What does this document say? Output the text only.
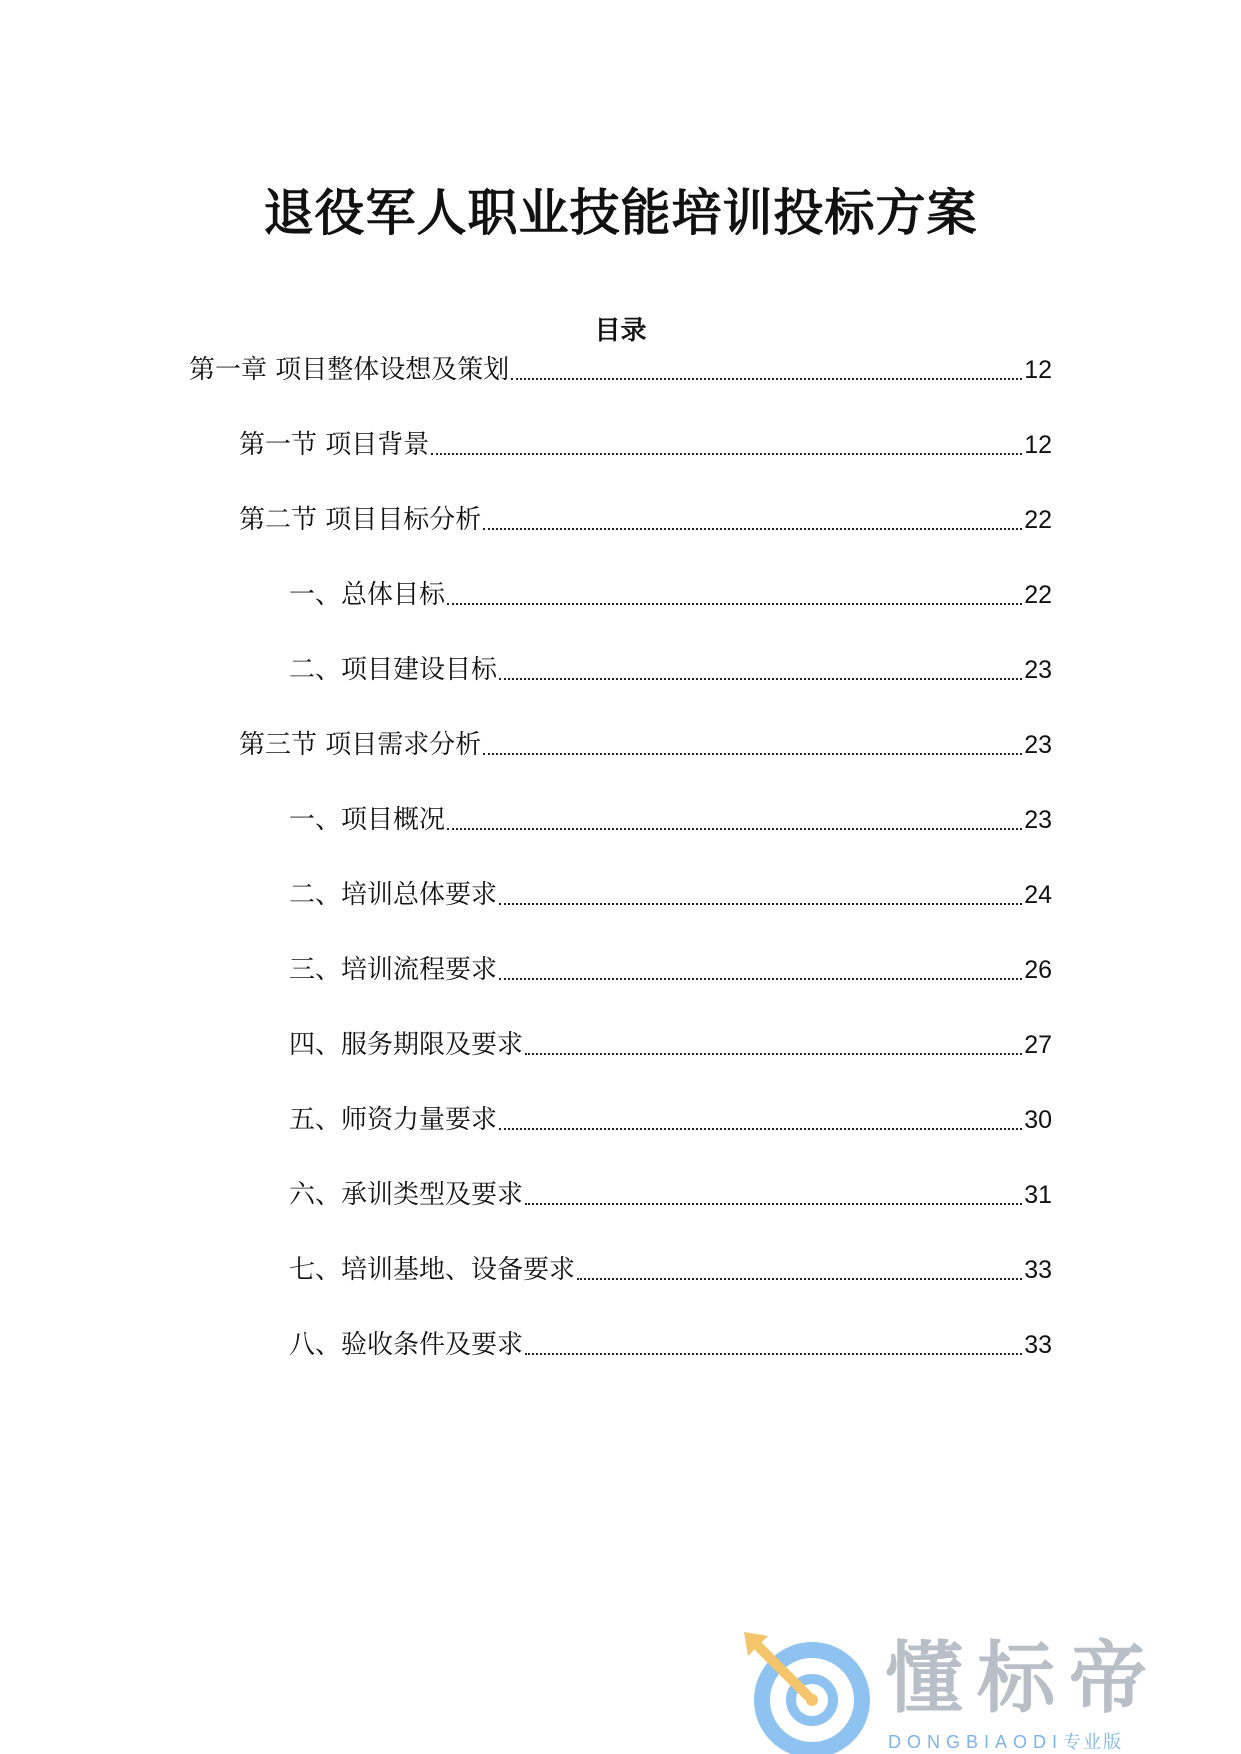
退役军人职业技能培训投标方案
目录
第一章 项目整体设想及策划	12
第一节 项目背景	12
第二节 项目目标分析	22
一、总体目标	22
二、项目建设目标	23
第三节 项目需求分析	23
一、项目概况	23
二、培训总体要求	24
三、培训流程要求	26
四、服务期限及要求	27
五、师资力量要求	30
六、承训类型及要求	31
七、培训基地、设备要求	33
八、验收条件及要求	33
懂标帝
DONGBIAODI专业版
